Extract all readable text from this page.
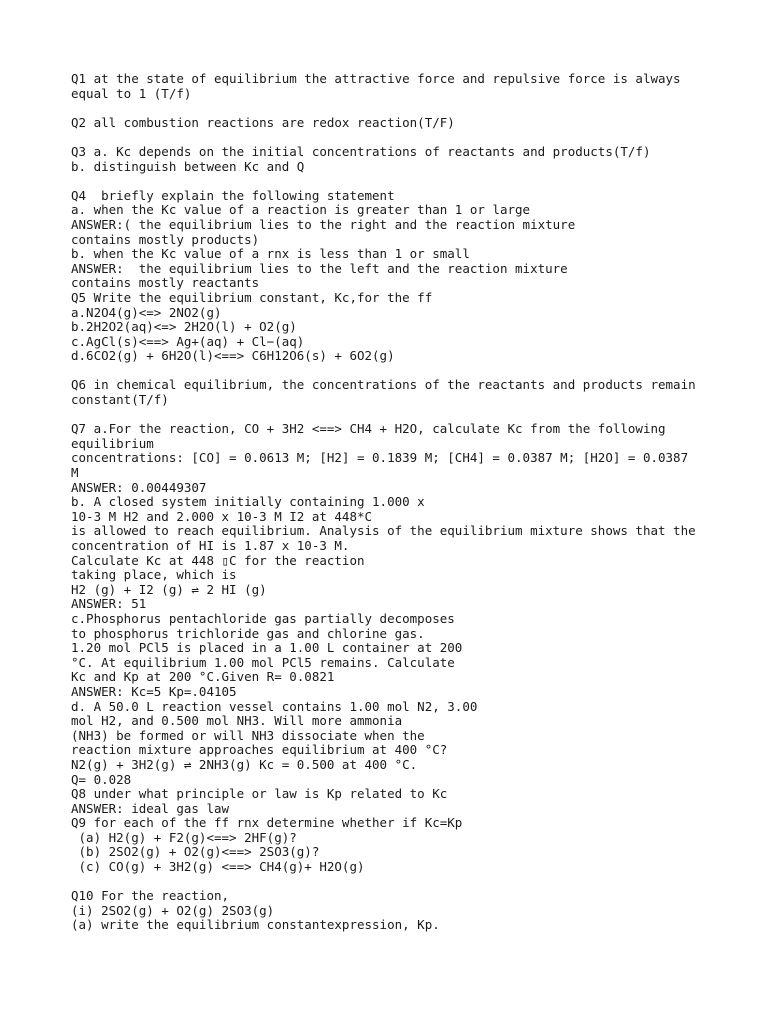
Q1 at the state of equilibrium the attractive force and repulsive force is always
equal to 1 (T/f)
Q2 all combustion reactions are redox reaction(T/F)
Q3 a. Kc depends on the initial concentrations of reactants and products(T/f)
b. distinguish between Kc and Q
Q4  briefly explain the following statement
a. when the Kc value of a reaction is greater than 1 or large
ANSWER:( the equilibrium lies to the right and the reaction mixture
contains mostly products)
b. when the Kc value of a rnx is less than 1 or small
ANSWER:  the equilibrium lies to the left and the reaction mixture
contains mostly reactants
Q5 Write the equilibrium constant, Kc,for the ff
a.N2O4(g)<=> 2NO2(g)
b.2H2O2(aq)<=> 2H2O(l) + O2(g)
c.AgCl(s)<==> Ag+(aq) + Cl−(aq)
d.6CO2(g) + 6H2O(l)<==> C6H12O6(s) + 6O2(g)
Q6 in chemical equilibrium, the concentrations of the reactants and products remain
constant(T/f)
Q7 a.For the reaction, CO + 3H2 <==> CH4 + H2O, calculate Kc from the following
equilibrium
concentrations: [CO] = 0.0613 M; [H2] = 0.1839 M; [CH4] = 0.0387 M; [H2O] = 0.0387
M
ANSWER: 0.00449307
b. A closed system initially containing 1.000 x
10-3 M H2 and 2.000 x 10-3 M I2 at 448*C
is allowed to reach equilibrium. Analysis of the equilibrium mixture shows that the
concentration of HI is 1.87 x 10-3 M.
Calculate Kc at 448 ▯C for the reaction
taking place, which is
H2 (g) + I2 (g) ⇌ 2 HI (g)
ANSWER: 51
c.Phosphorus pentachloride gas partially decomposes
to phosphorus trichloride gas and chlorine gas.
1.20 mol PCl5 is placed in a 1.00 L container at 200
°C. At equilibrium 1.00 mol PCl5 remains. Calculate
Kc and Kp at 200 °C.Given R= 0.0821
ANSWER: Kc=5 Kp=.04105
d. A 50.0 L reaction vessel contains 1.00 mol N2, 3.00
mol H2, and 0.500 mol NH3. Will more ammonia
(NH3) be formed or will NH3 dissociate when the
reaction mixture approaches equilibrium at 400 °C?
N2(g) + 3H2(g) ⇌ 2NH3(g) Kc = 0.500 at 400 °C.
Q= 0.028
Q8 under what principle or law is Kp related to Kc
ANSWER: ideal gas law
Q9 for each of the ff rnx determine whether if Kc=Kp
(a) H2(g) + F2(g)<==> 2HF(g)?
(b) 2SO2(g) + O2(g)<==> 2SO3(g)?
(c) CO(g) + 3H2(g) <==> CH4(g)+ H2O(g)
Q10 For the reaction,
(i) 2SO2(g) + O2(g) 2SO3(g)
(a) write the equilibrium constantexpression, Kp.
